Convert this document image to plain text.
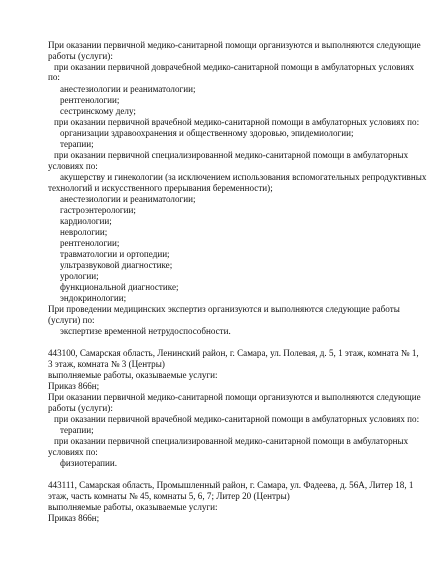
При оказании первичной медико-санитарной помощи организуются и выполняются следующие
работы (услуги):
при оказании первичной доврачебной медико-санитарной помощи в амбулаторных условиях
по:
анестезиологии и реаниматологии;
рентгенологии;
сестринскому делу;
при оказании первичной врачебной медико-санитарной помощи в амбулаторных условиях по:
организации здравоохранения и общественному здоровью, эпидемиологии;
терапии;
при оказании первичной специализированной медико-санитарной помощи в амбулаторных
условиях по:
акушерству и гинекологии (за исключением использования вспомогательных репродуктивных
технологий и искусственного прерывания беременности);
анестезиологии и реаниматологии;
гастроэнтерологии;
кардиологии;
неврологии;
рентгенологии;
травматологии и ортопедии;
ультразвуковой диагностике;
урологии;
функциональной диагностике;
эндокринологии;
При проведении медицинских экспертиз организуются и выполняются следующие работы
(услуги) по:
экспертизе временной нетрудоспособности.
443100, Самарская область, Ленинский район, г. Самара, ул. Полевая, д. 5, 1 этаж, комната № 1,
3 этаж, комната № 3 (Центры)
выполняемые работы, оказываемые услуги:
Приказ 866н;
При оказании первичной медико-санитарной помощи организуются и выполняются следующие
работы (услуги):
при оказании первичной врачебной медико-санитарной помощи в амбулаторных условиях по:
терапии;
при оказании первичной специализированной медико-санитарной помощи в амбулаторных
условиях по:
физиотерапии.
443111, Самарская область, Промышленный район, г. Самара, ул. Фадеева, д. 56А, Литер 18, 1
этаж, часть комнаты № 45, комнаты 5, 6, 7; Литер 20 (Центры)
выполняемые работы, оказываемые услуги:
Приказ 866н;
